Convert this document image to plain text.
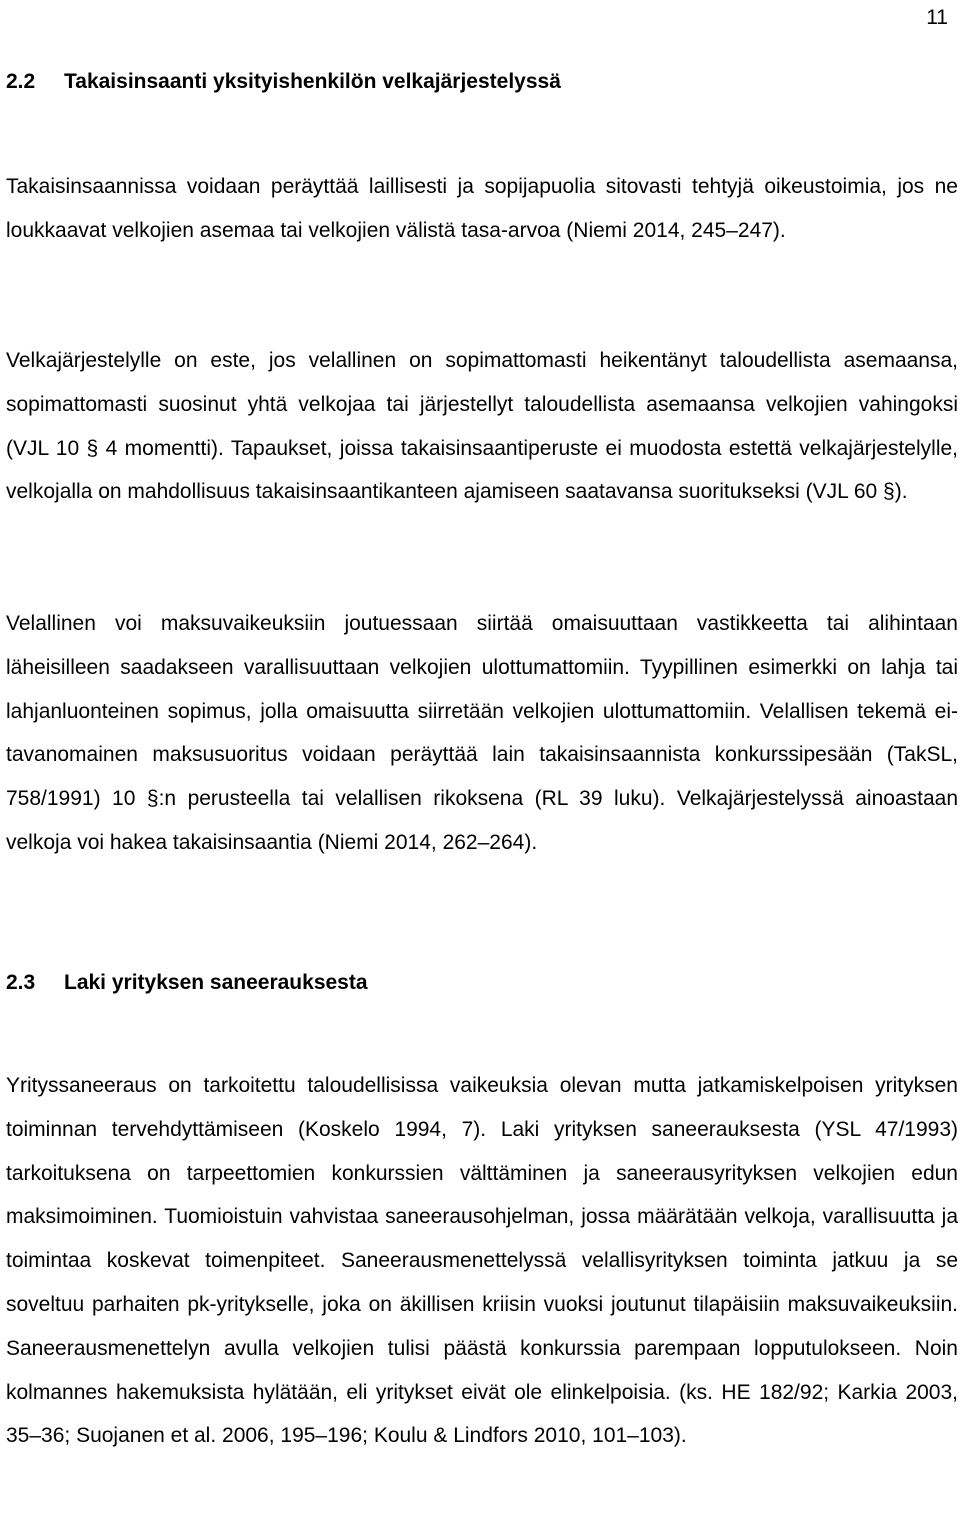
11
2.2 Takaisinsaanti yksityishenkilön velkajärjestelyssä

Takaisinsaannissa voidaan peräyttää laillisesti ja sopijapuolia sitovasti tehtyjä oikeustoimia, jos ne loukkaavat velkojien asemaa tai velkojien välistä tasa-arvoa (Niemi 2014, 245–247).

Velkajärjestelylle on este, jos velallinen on sopimattomasti heikentänyt taloudellista asemaansa, sopimattomasti suosinut yhtä velkojaa tai järjestellyt taloudellista asemaansa velkojien vahingoksi (VJL 10 § 4 momentti). Tapaukset, joissa takaisinsaantiperuste ei muodosta estettä velkajärjestelylle, velkojalla on mahdollisuus takaisinsaantikanteen ajamiseen saatavansa suoritukseksi (VJL 60 §).

Velallinen voi maksuvaikeuksiin joutuessaan siirtää omaisuuttaan vastikkeetta tai alihintaan läheisilleen saadakseen varallisuuttaan velkojien ulottumattomiin. Tyypillinen esimerkki on lahja tai lahjanluonteinen sopimus, jolla omaisuutta siirretään velkojien ulottumattomiin. Velallisen tekemä ei-tavanomainen maksusuoritus voidaan peräyttää lain takaisinsaannista konkurssipesään (TakSL, 758/1991) 10 §:n perusteella tai velallisen rikoksena (RL 39 luku). Velkajärjestelyssä ainoastaan velkoja voi hakea takaisinsaantia (Niemi 2014, 262–264).

2.3 Laki yrityksen saneerauksesta

Yrityssaneeraus on tarkoitettu taloudellisissa vaikeuksia olevan mutta jatkamiskelpoisen yrityksen toiminnan tervehdyttämiseen (Koskelo 1994, 7). Laki yrityksen saneerauksesta (YSL 47/1993) tarkoituksena on tarpeettomien konkurssien välttäminen ja saneerausyrityksen velkojien edun maksimoiminen. Tuomioistuin vahvistaa saneerausohjelman, jossa määrätään velkoja, varallisuutta ja toimintaa koskevat toimenpiteet. Saneerausmenettelyssä velallisyrityksen toiminta jatkuu ja se soveltuu parhaiten pk-yritykselle, joka on äkillisen kriisin vuoksi joutunut tilapäisiin maksuvaikeuksiin. Saneerausmenettelyn avulla velkojien tulisi päästä konkurssia parempaan lopputulokseen. Noin kolmannes hakemuksista hylätään, eli yritykset eivät ole elinkelpoisia. (ks. HE 182/92; Karkia 2003, 35–36; Suojanen et al. 2006, 195–196; Koulu & Lindfors 2010, 101–103).
